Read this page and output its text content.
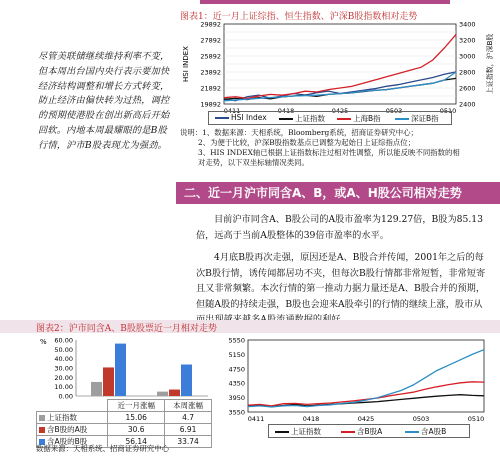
图表1：近一月上证综指、恒生指数、沪深B股指数相对走势
尽管美联储继续维持利率不变，但本周出台国内央行表示要加快经济结构调整和增长方式转变，防止经济由偏快转为过热，调控的预期使港股在创出新高后开始回软。内地本周最耀眼的是B股行情，沪市B股表现尤为强劲。
29892
27892
25892
23892
21892
19892
3400
3200
3000
2800
2600
2400
0411	0418	0425	0503	0510
HSI INDEX	上证指数，沪深B股
HSI Index	上证指数	上海B指	深证B指
说明：1、数据来源：天相系统，Bloomberg系统，招商证券研究中心；
2、为便于比较，沪深B股指数基点已调整为起始日上证综指点位；
3、HIS INDEX轴已根据上证指数标注过相对性调整，所以能反映不同指数的相
对走势，以下双坐标轴情况类同。
二、近一月沪市同含A、B，或A、H股公司相对走势
目前沪市同含A、B股公司的A股市盈率为129.27倍，B股为85.13倍，远高于当前A股整体的39倍市盈率的水平。
4月底B股再次走强，原因还是A、B股合并传闻，2001年之后的每次B股行情，诱传闻都居功不夹，但每次B股行情都非常短暂，非常短寄且又非常频繁。本次行情的第一推动力据力量还是A、B股合并的预期，但随A股的持续走强，B股也会迎来A股牵引的行情的继续上涨，股市从
图表2：沪市同含A、B股股票近一月相对走势
% 60.00
50.00
40.00
30.00
20.00
10.00
0.00
	近一月涨幅	本周涨幅
上证指数	15.06	4.7
含B股的A股	30.6	6.91
含A股的B股	56.14	33.74
5550
5150
4750
4350
3950
3550
0411	0418	0425	0503	0510
上证指数	含B股A	含A股B
数据来源：天相系统、招商证券研究中心
